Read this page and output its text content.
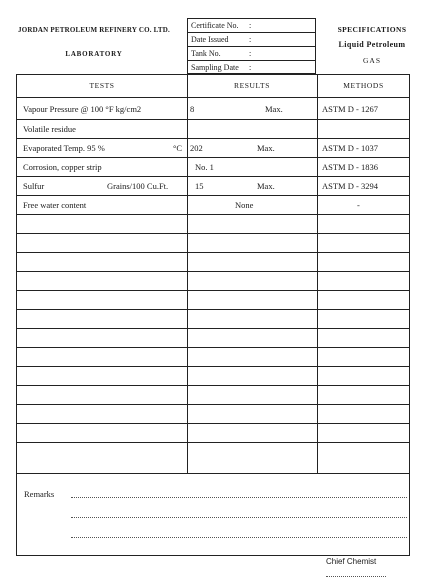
JORDAN PETROLEUM REFINERY CO. LTD.
LABORATORY
Certificate No. :
Date Issued	:
Tank No.	:
Sampling Date :
SPECIFICATIONS
Liquid Petroleum
GAS
TESTS	RESULTS	METHODS
Vapour Pressure @ 100 °F kg/cm2	8	Max.	ASTM D - 1267
Volatile residue
Evaporated Temp. 95 %	°C 202	Max.	ASTM D - 1037
Corrosion, copper strip	No. 1	ASTM D - 1836
Sulfur	Grains/100 Cu.Ft.	15	Max.	ASTM D - 3294
Free water content	None	-
Remarks
Chief Chemist
